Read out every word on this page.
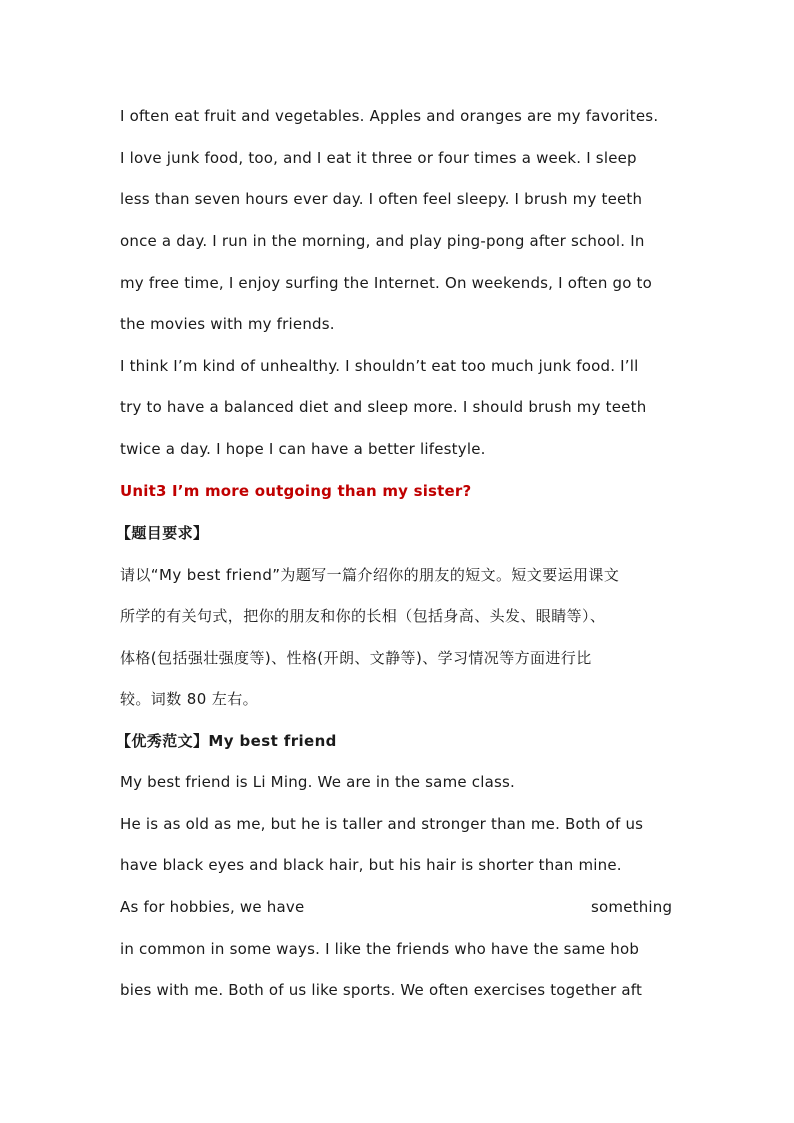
I often eat fruit and vegetables. Apples and oranges are my favorites.
I love junk food, too, and I eat it three or four times a week. I sleep
less than seven hours ever day. I often feel sleepy. I brush my teeth
once a day. I run in the morning, and play ping-pong after school. In
my free time, I enjoy surfing the Internet. On weekends, I often go to
the movies with my friends.
I think I’m kind of unhealthy. I shouldn’t eat too much junk food. I’ll
try to have a balanced diet and sleep more. I should brush my teeth
twice a day. I hope I can have a better lifestyle.
Unit3 I’m more outgoing than my sister?
【题目要求】
请以“My best friend”为题写一篇介绍你的朋友的短文。短文要运用课文
所学的有关句式，把你的朋友和你的长相（包括身高、头发、眼睛等）、
体格(包括强壮强度等)、性格(开朗、文静等)、学习情况等方面进行比
较。词数 80 左右。
【优秀范文】My best friend
My best friend is Li Ming. We are in the same class.
He is as old as me, but he is taller and stronger than me. Both of us
have black eyes and black hair, but his hair is shorter than mine.
As for hobbies, we have	something
in common in some ways. I like the friends who have the same hob
bies with me. Both of us like sports. We often exercises together aft
